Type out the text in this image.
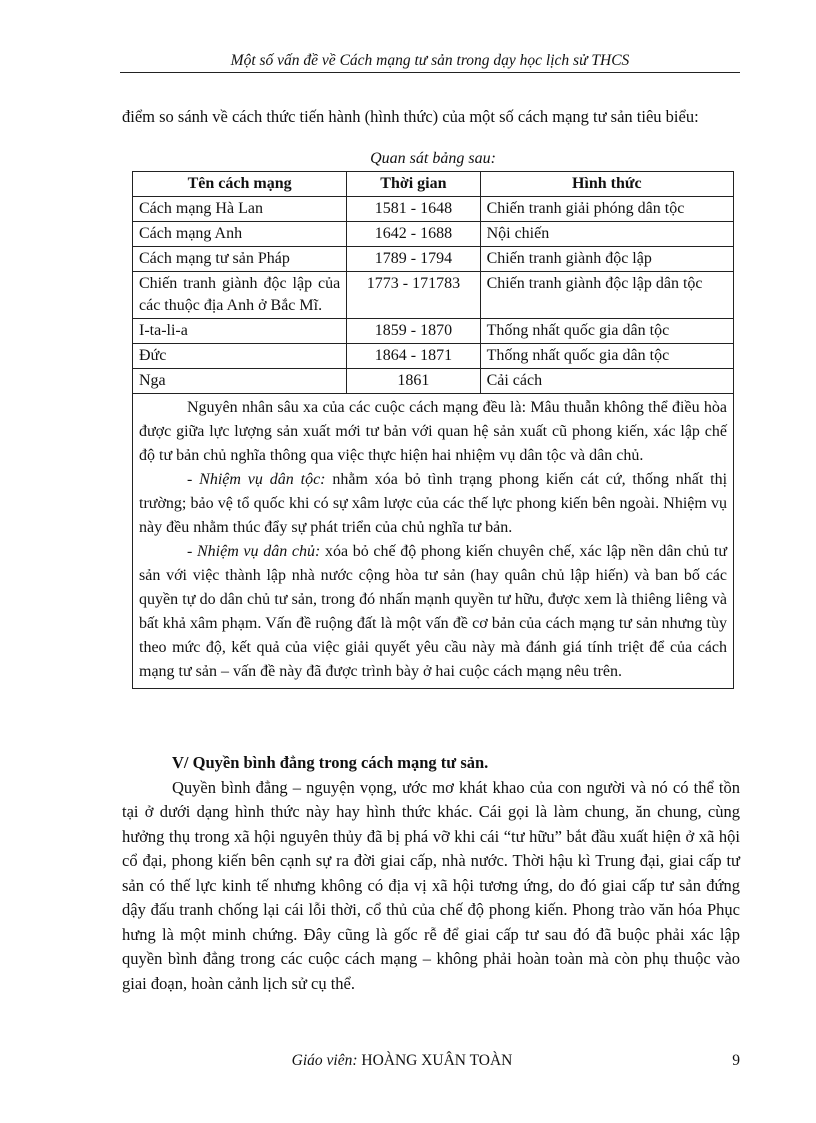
Một số vấn đề về Cách mạng tư sản trong dạy học lịch sử THCS
điểm so sánh về cách thức tiến hành (hình thức) của một số cách mạng tư sản tiêu biểu:
Quan sát bảng sau:
Tên cách mạng	Thời gian	Hình thức
Cách mạng Hà Lan	1581 - 1648	Chiến tranh giải phóng dân tộc
Cách mạng Anh	1642 - 1688	Nội chiến
Cách mạng tư sản Pháp	1789 - 1794	Chiến tranh giành độc lập
Chiến tranh giành độc lập của các thuộc địa Anh ở Bắc Mĩ.	1773 - 171783	Chiến tranh giành độc lập dân tộc
I-ta-li-a	1859 - 1870	Thống nhất quốc gia dân tộc
Đức	1864 - 1871	Thống nhất quốc gia dân tộc
Nga	1861	Cải cách

Nguyên nhân sâu xa của các cuộc cách mạng đều là: Mâu thuẫn không thể điều hòa được giữa lực lượng sản xuất mới tư bản với quan hệ sản xuất cũ phong kiến, xác lập chế độ tư bản chủ nghĩa thông qua việc thực hiện hai nhiệm vụ dân tộc và dân chủ.

- Nhiệm vụ dân tộc: nhằm xóa bỏ tình trạng phong kiến cát cứ, thống nhất thị trường; bảo vệ tổ quốc khi có sự xâm lược của các thế lực phong kiến bên ngoài. Nhiệm vụ này đều nhằm thúc đẩy sự phát triển của chủ nghĩa tư bản.

- Nhiệm vụ dân chủ: xóa bỏ chế độ phong kiến chuyên chế, xác lập nền dân chủ tư sản với việc thành lập nhà nước cộng hòa tư sản (hay quân chủ lập hiến) và ban bố các quyền tự do dân chủ tư sản, trong đó nhấn mạnh quyền tư hữu, được xem là thiêng liêng và bất khả xâm phạm. Vấn đề ruộng đất là một vấn đề cơ bản của cách mạng tư sản nhưng tùy theo mức độ, kết quả của việc giải quyết yêu cầu này mà đánh giá tính triệt để của cách mạng tư sản – vấn đề này đã được trình bày ở hai cuộc cách mạng nêu trên.		

V/ Quyền bình đẳng trong cách mạng tư sản.

Quyền bình đẳng – nguyện vọng, ước mơ khát khao của con người và nó có thể tồn tại ở dưới dạng hình thức này hay hình thức khác. Cái gọi là làm chung, ăn chung, cùng hưởng thụ trong xã hội nguyên thủy đã bị phá vỡ khi cái “tư hữu” bắt đầu xuất hiện ở xã hội cổ đại, phong kiến bên cạnh sự ra đời giai cấp, nhà nước. Thời hậu kì Trung đại, giai cấp tư sản có thế lực kinh tế nhưng không có địa vị xã hội tương ứng, do đó giai cấp tư sản đứng dậy đấu tranh chống lại cái lỗi thời, cổ thủ của chế độ phong kiến. Phong trào văn hóa Phục hưng là một minh chứng. Đây cũng là gốc rễ để giai cấp tư sau đó đã buộc phải xác lập quyền bình đẳng trong các cuộc cách mạng – không phải hoàn toàn mà còn phụ thuộc vào giai đoạn, hoàn cảnh lịch sử cụ thể.

Giáo viên: HOÀNG XUÂN TOÀN	9
